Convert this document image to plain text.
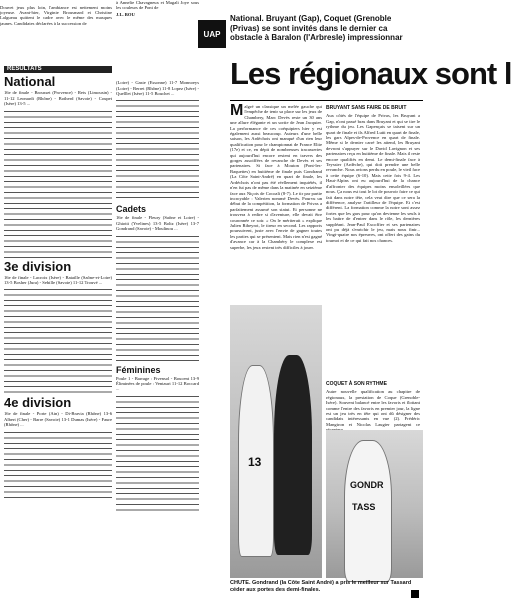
Douvet jeux plus loin, l'ambiance est nettement moins joyeuse. Avant-hier, Virginie Brousmard et Christine Lalgueau quittent le cadre avec le même des masques jaunes. Candidates déclarées à la succession de

RÉSULTATS
National

16e de finale - Brousset (Provence) - Rets (Limousin) - 11-12 Leonardi (Rhône) - Botherd (Savoie) - Coupet (Isère) 13-5 ...

3e division

16e de finale - Lacroix (Isère) - Bataille (Saône-et-Loire) 13-5 Bosher (Jura) - Sebille (Savoie) 11-12 Trouvé ...

4e division

16e de finale - Porte (Ain) - Di-Bravia (Rhône) 13-6 Albert (Cher) - Barre (Savoie) 13-1 Dumas (Isère) - Faure (Rhône) ...

à Annelie Chavagneux et Magali Joye sous les couleurs de Pont de

J.L. BOU

(Loire) - Gaste (Essonne) 11-7 Monnoeys (Loire) - Berret (Rhône) 11-8 Lopez (Isère) - Quelllet (Isère) 11-5 Bouchet ...

Cadets

16e de finale - Fleury (Saône et Loire) - Ghiotti (Yvelines) 13-5 Boltz (Isère) 13-7 Gondrand (Savoie) - Moulinou ...

Féminines

Poule 1 - Barrage : Fivensol - Boucent 13-9 Éliminées de poule : Ventauri 11-12 Boccard ...

UAP
National. Bruyant (Gap), Coquet (Grenoble (Privas) se sont invités dans le dernier ca obstacle à Baralon (l'Arbresle) impressionnar
Les régionaux sont l

Malgré un classique un melée gauche qui l'empêche de tenir sa place sur les jeux de Chambery, Marc Devès reste un 30 ans une allure élégante et un sortie de Jean Jacquier. La performance de ces coéquipiers hier y est également aussi beaucoup. Auteurs d'une belle saison, les Ardéchois ont manqué d'un rien leur qualification pour le championnat de France Elite (17e) et ce, en dépit de nombreuses tracasseries qui aujourd'hui encore restent en travers des gorges assoiffées de revanche de Devès et ses partenaires. Si face à Mouton (Pont-les-Baquettes) en huitième de finale puis Gondrand (La Côte Saint-André) en quart de finale, les Ardéchois n'ont pas été réellement inquiétés, il n'en fut pas de même dans la matinée en seizième face aux Niçois de Cocoali (8-7). Le tir par partie incroyable : Valerien nommé Devès. Pourvu un début de la compétition, la formation de Privas a parfaitement assumé son statut. Et personne ne trouvera à redire si d'aventure, elle devait être couronnée ce soir. « On le mériterait » explique Julien Ribeyrot, le tireur en second. Les rapports poursuivent, juste avec l'envie de gagner toutes les parties qui se présentent. Mais rien n'est gagné d'avance car à la Chambéry le complexe est superbe, les jeux restent très difficiles à jouer.

BRUYANT SANS FAIRE DE BRUIT

Aux côtés de l'équipe de Privas, les Bruyant a Gap, n'ont passé bras dans Bruyant et qui se tire le rythme du jeu. Les Gapençais se taisent sur un quart de finale et ils Alfred Lutti en quart de finale, les gars Alpes-de-Provence en quart de finale. Même si le dernier carré les attend, les Bruyant devront s'appuyer sur le David Lavignon et ses partenaires reçu en huitième de finale. Mais il reste encore qualifiés en demi. Le demi-finale face à Teyssier (Ardèche), qui doit prendre une belle revanche. Nous avions perdu en poule, le vieil face à cette équipe (6-10). Mais cette fois 9-4. Les Haut-Alpins ont eu aujourd'hui de la chance d'affronter des équipes moins ensoleillées que nous. Ça nous est tout le lot de pouvoir faire ce qui fait dans notre tête, cela veut dire que ce sera la différence, analyse l'artilleur de l'équipe. Et c'est différent. La formation comme la notre sont assez fortes que les gars pour qu'on devienne les seuls à les battre de d'entrer dans le rôle, les dernières suppléant. Jean-Paul Excoffier et ses partenaires ont pu déjà s'enrichir le jeu, mais nous finir... Vingt-quatre nos épreuves, ont offert des gains du tournoi et de ce qui fait nos chances.

COQUET À SON RYTHME

Autre nouvelle qualification au chapitre de régionaux, la prestation de Coque (Grenoble-Isère). Souvent balancé entre les favoris et flottant comme l'entre des favoris en premier jour, la ligne est un jeu très en tête qui ont dû désigner des candidats intéressants en vue (2). Frédéric Mangiron et Nicolas Laugier partagent ce

13
GONDR
TASS
CHUTE. Gondrand (la Côte Saint André) a pris le meilleur sur Tassard céder aux portes des demi-finales.
